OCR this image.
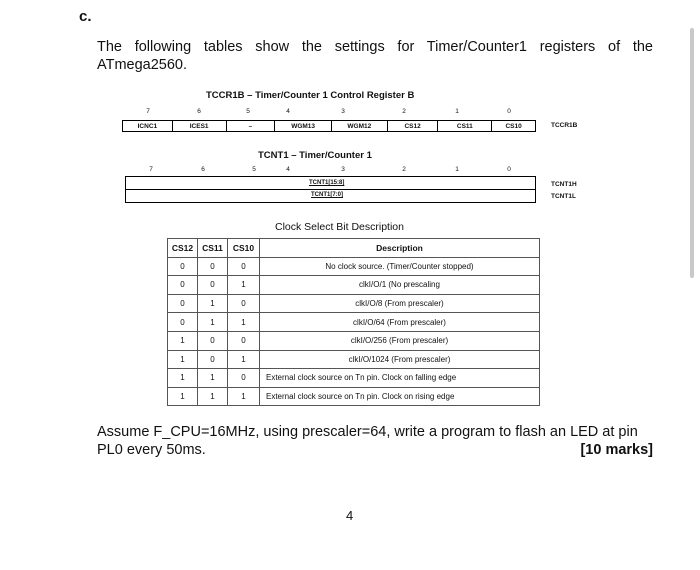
c.
The following tables show the settings for Timer/Counter1 registers of the ATmega2560.
TCCR1B – Timer/Counter 1 Control Register B
7	6	5	4	3	2	1	0
ICNC1	ICES1	–	WGM13	WGM12	CS12	CS11	CS10	TCCR1B
TCNT1 – Timer/Counter 1
7	6	5	4	3	2	1	0
TCNT1[15:8]
TCNT1[7:0]
TCNT1H
TCNT1L
Clock Select Bit Description
CS12	CS11	CS10	Description
0	0	0	No clock source. (Timer/Counter stopped)
0	0	1	clkI/O/1 (No prescaling
0	1	0	clkI/O/8 (From prescaler)
0	1	1	clkI/O/64 (From prescaler)
1	0	0	clkI/O/256 (From prescaler)
1	0	1	clkI/O/1024 (From prescaler)
1	1	0	External clock source on Tn pin. Clock on falling edge
1	1	1	External clock source on Tn pin. Clock on rising edge
Assume F_CPU=16MHz, using prescaler=64, write a program to flash an LED at pin PL0 every 50ms.	[10 marks]
4
